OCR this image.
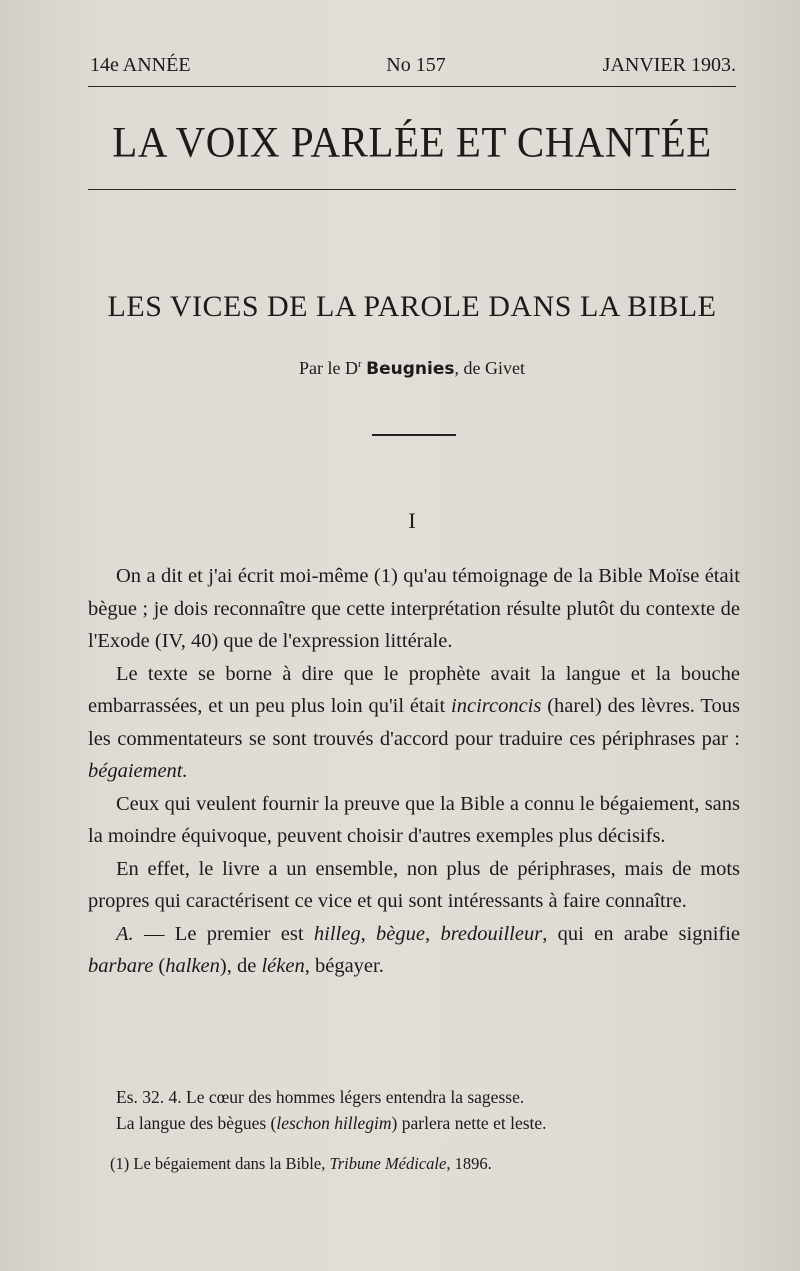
14e ANNÉE	No 157	JANVIER 1903.
LA VOIX PARLÉE ET CHANTÉE
LES VICES DE LA PAROLE DANS LA BIBLE
Par le $D^r$ Beugnies, de Givet
I

On a dit et j'ai écrit moi-même (1) qu'au témoignage de la Bible Moïse était bègue ; je dois reconnaître que cette interprétation résulte plutôt du contexte de l'Exode (IV, 40) que de l'expression littérale.

Le texte se borne à dire que le prophète avait la langue et la bouche embarrassées, et un peu plus loin qu'il était incirconcis (harel) des lèvres. Tous les commentateurs se sont trouvés d'accord pour traduire ces périphrases par : bégaiement.

Ceux qui veulent fournir la preuve que la Bible a connu le bégaiement, sans la moindre équivoque, peuvent choisir d'autres exemples plus décisifs.

En effet, le livre a un ensemble, non plus de périphrases, mais de mots propres qui caractérisent ce vice et qui sont intéressants à faire connaître.

A. — Le premier est hilleg, bègue, bredouilleur, qui en arabe signifie barbare (halken), de léken, bégayer.

Es. 32. 4. Le cœur des hommes légers entendra la sagesse.
La langue des bègues (leschon hillegim) parlera nette et leste.
(1) Le bégaiement dans la Bible, Tribune Médicale, 1896.
